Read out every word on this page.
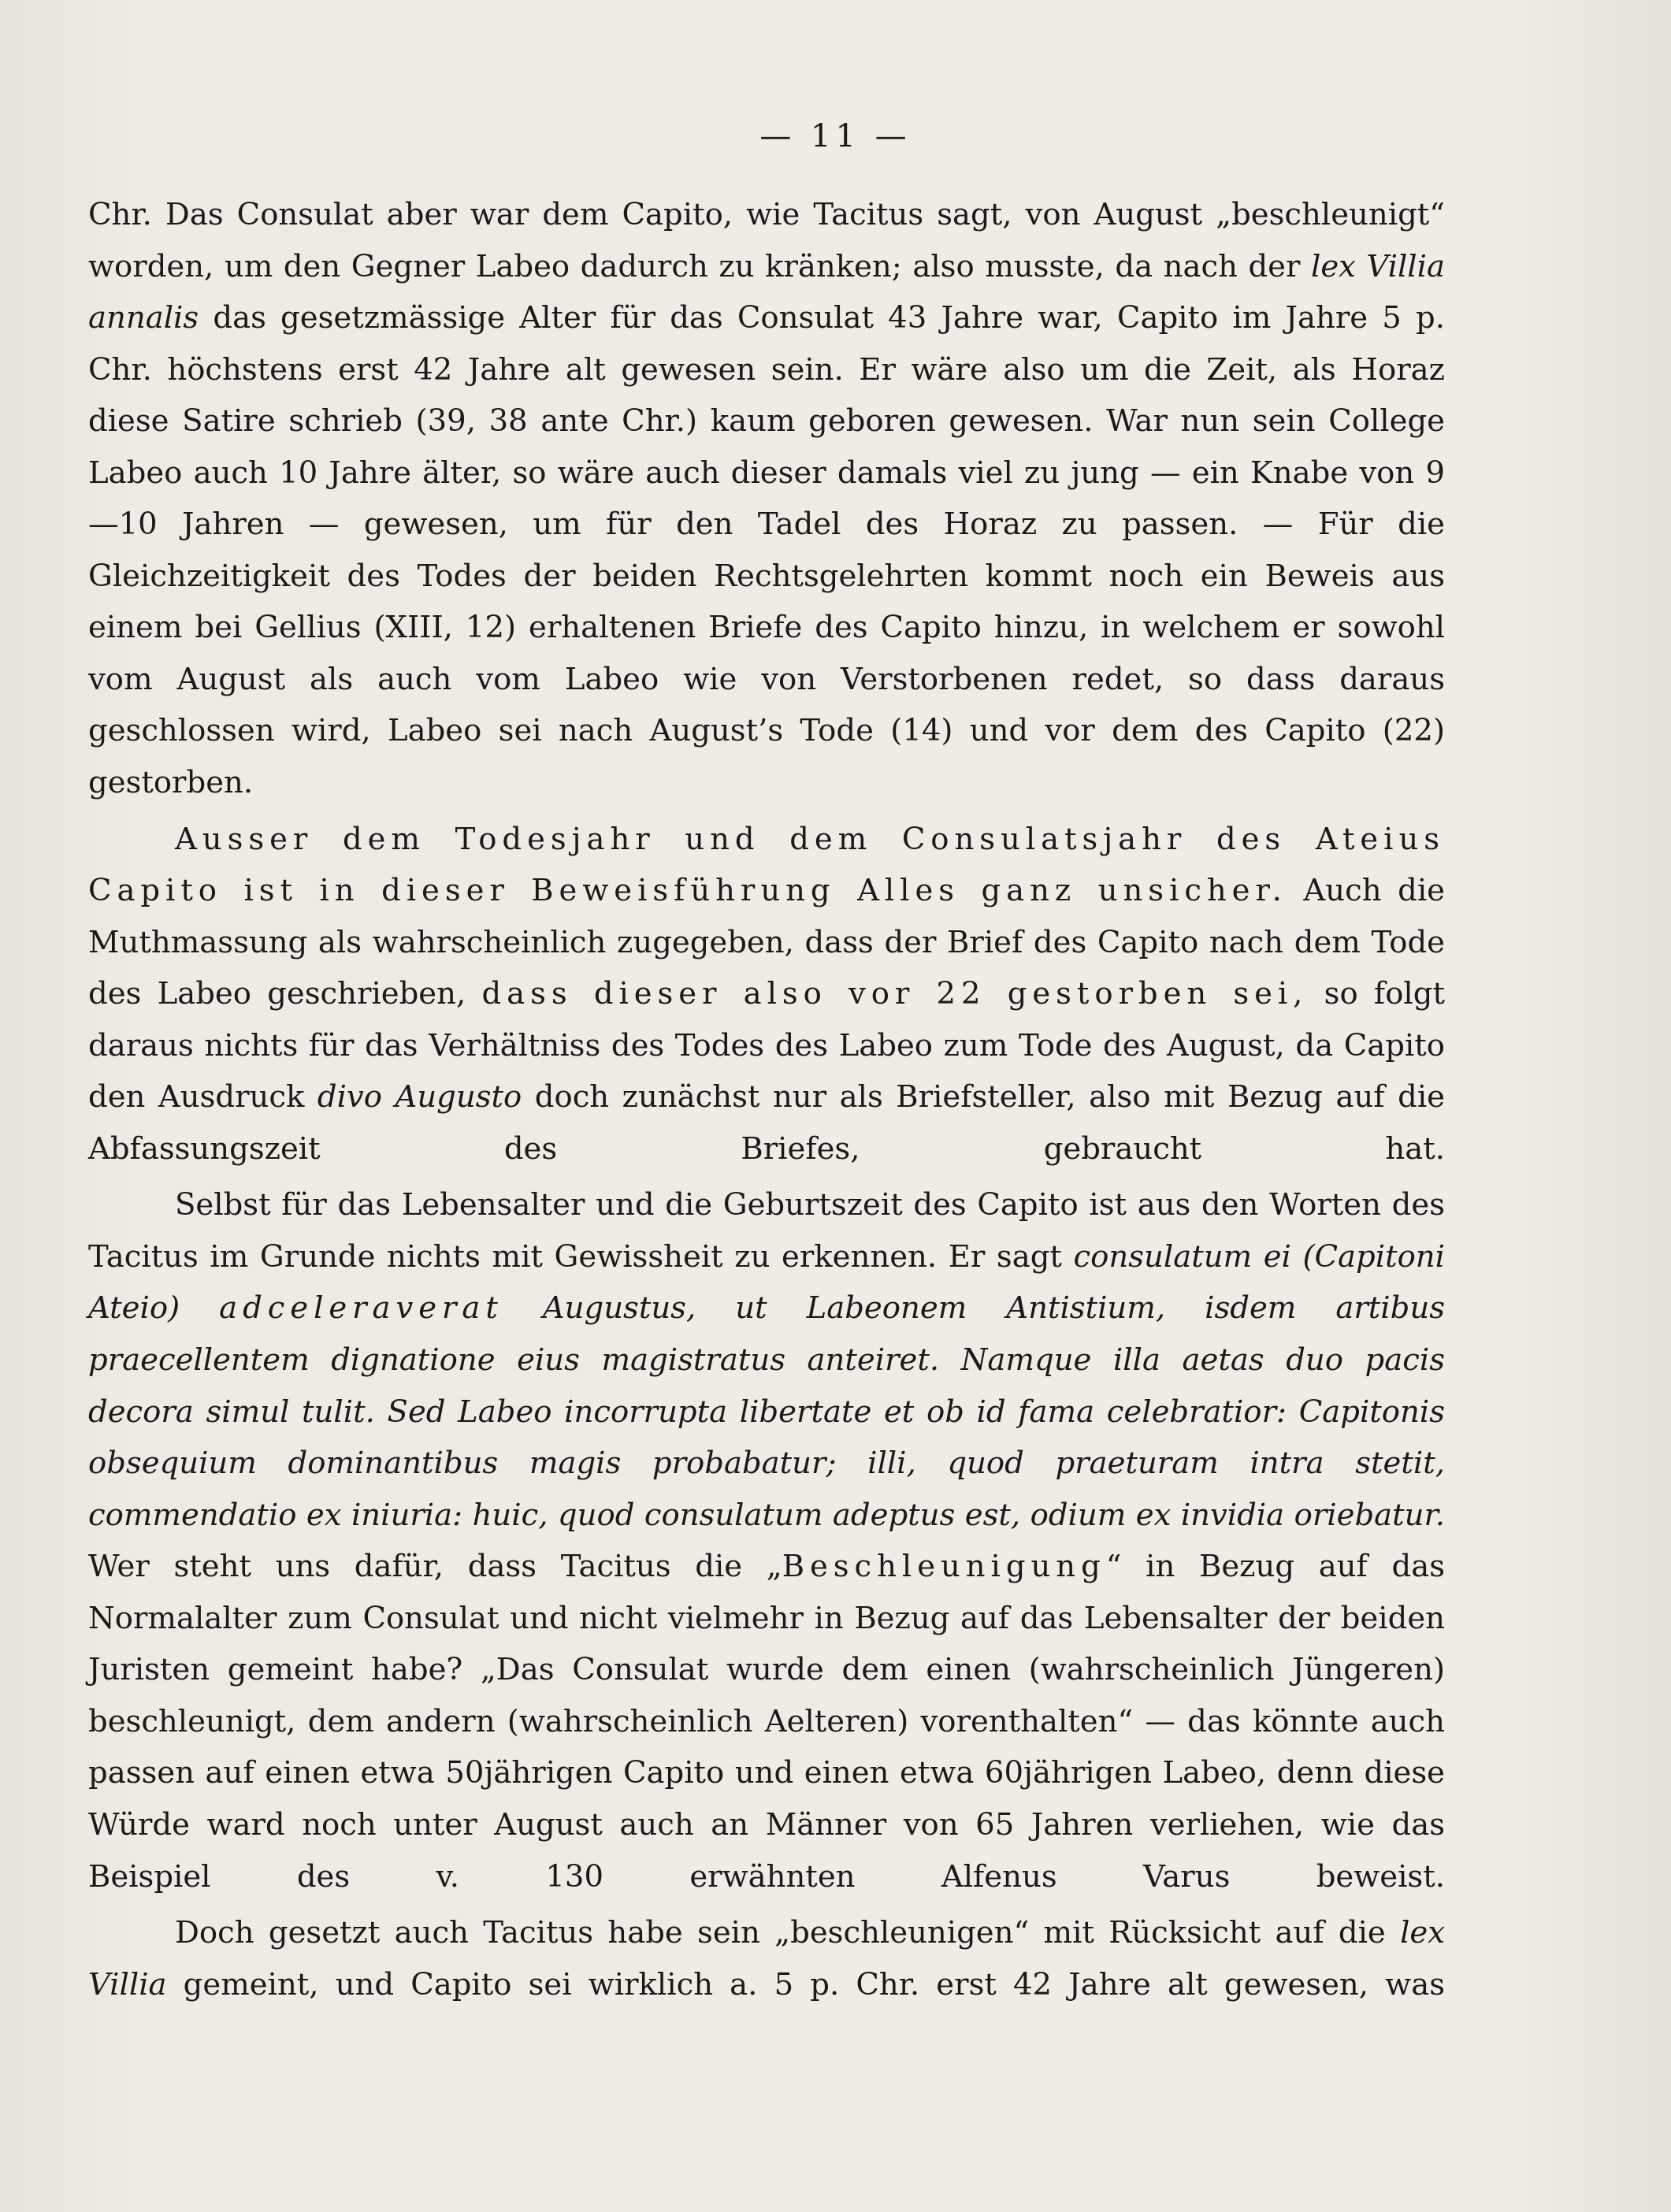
— 11 —

Chr. Das Consulat aber war dem Capito, wie Tacitus sagt, von August „beschleunigt“ worden, um den Gegner Labeo dadurch zu kränken; also musste, da nach der lex Villia annalis das gesetzmässige Alter für das Consulat 43 Jahre war, Capito im Jahre 5 p. Chr. höchstens erst 42 Jahre alt gewesen sein. Er wäre also um die Zeit, als Horaz diese Satire schrieb (39, 38 ante Chr.) kaum geboren gewesen. War nun sein College Labeo auch 10 Jahre älter, so wäre auch dieser damals viel zu jung — ein Knabe von 9—10 Jahren — gewesen, um für den Tadel des Horaz zu passen. — Für die Gleichzeitigkeit des Todes der beiden Rechtsgelehrten kommt noch ein Beweis aus einem bei Gellius (XIII, 12) erhaltenen Briefe des Capito hinzu, in welchem er sowohl vom August als auch vom Labeo wie von Verstorbenen redet, so dass daraus geschlossen wird, Labeo sei nach August’s Tode (14) und vor dem des Capito (22) gestorben.

Ausser dem Todesjahr und dem Consulatsjahr des Ateius Capito ist in dieser Beweisführung Alles ganz unsicher. Auch die Muthmassung als wahrscheinlich zugegeben, dass der Brief des Capito nach dem Tode des Labeo geschrieben, dass dieser also vor 22 gestorben sei, so folgt daraus nichts für das Verhältniss des Todes des Labeo zum Tode des August, da Capito den Ausdruck divo Augusto doch zunächst nur als Briefsteller, also mit Bezug auf die Abfassungszeit des Briefes, gebraucht hat.

Selbst für das Lebensalter und die Geburtszeit des Capito ist aus den Worten des Tacitus im Grunde nichts mit Gewissheit zu erkennen. Er sagt consulatum ei (Capitoni Ateio) adceleraverat Augustus, ut Labeonem Antistium, isdem artibus praecellentem dignatione eius magistratus anteiret. Namque illa aetas duo pacis decora simul tulit. Sed Labeo incorrupta libertate et ob id fama celebratior: Capitonis obsequium dominantibus magis probabatur; illi, quod praeturam intra stetit, commendatio ex iniuria: huic, quod consulatum adeptus est, odium ex invidia oriebatur. Wer steht uns dafür, dass Tacitus die „Beschleunigung“ in Bezug auf das Normalalter zum Consulat und nicht vielmehr in Bezug auf das Lebensalter der beiden Juristen gemeint habe? „Das Consulat wurde dem einen (wahrscheinlich Jüngeren) beschleunigt, dem andern (wahrscheinlich Aelteren) vorenthalten“ — das könnte auch passen auf einen etwa 50jährigen Capito und einen etwa 60jährigen Labeo, denn diese Würde ward noch unter August auch an Männer von 65 Jahren verliehen, wie das Beispiel des v. 130 erwähnten Alfenus Varus beweist.

Doch gesetzt auch Tacitus habe sein „beschleunigen“ mit Rücksicht auf die lex Villia gemeint, und Capito sei wirklich a. 5 p. Chr. erst 42 Jahre alt gewesen, was
